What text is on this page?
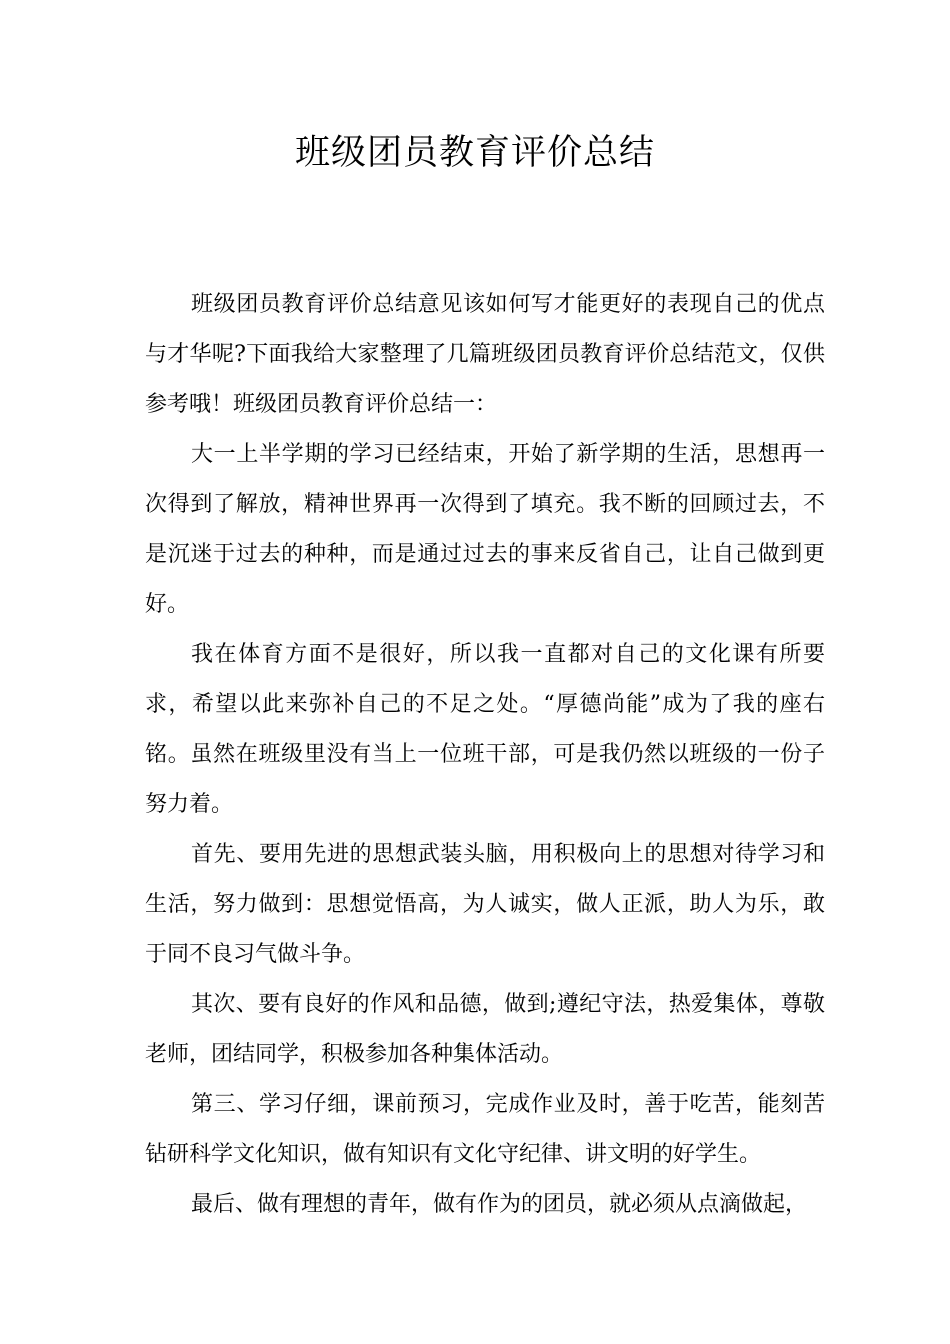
班级团员教育评价总结

班级团员教育评价总结意见该如何写才能更好的表现自己的优点与才华呢?下面我给大家整理了几篇班级团员教育评价总结范文，仅供参考哦！班级团员教育评价总结一：

大一上半学期的学习已经结束，开始了新学期的生活，思想再一次得到了解放，精神世界再一次得到了填充。我不断的回顾过去，不是沉迷于过去的种种，而是通过过去的事来反省自己，让自己做到更好。

我在体育方面不是很好，所以我一直都对自己的文化课有所要求，希望以此来弥补自己的不足之处。“厚德尚能”成为了我的座右铭。虽然在班级里没有当上一位班干部，可是我仍然以班级的一份子努力着。

首先、要用先进的思想武装头脑，用积极向上的思想对待学习和生活，努力做到：思想觉悟高，为人诚实，做人正派，助人为乐，敢于同不良习气做斗争。

其次、要有良好的作风和品德，做到;遵纪守法，热爱集体，尊敬老师，团结同学，积极参加各种集体活动。

第三、学习仔细，课前预习，完成作业及时，善于吃苦，能刻苦钻研科学文化知识，做有知识有文化守纪律、讲文明的好学生。

最后、做有理想的青年，做有作为的团员，就必须从点滴做起，
